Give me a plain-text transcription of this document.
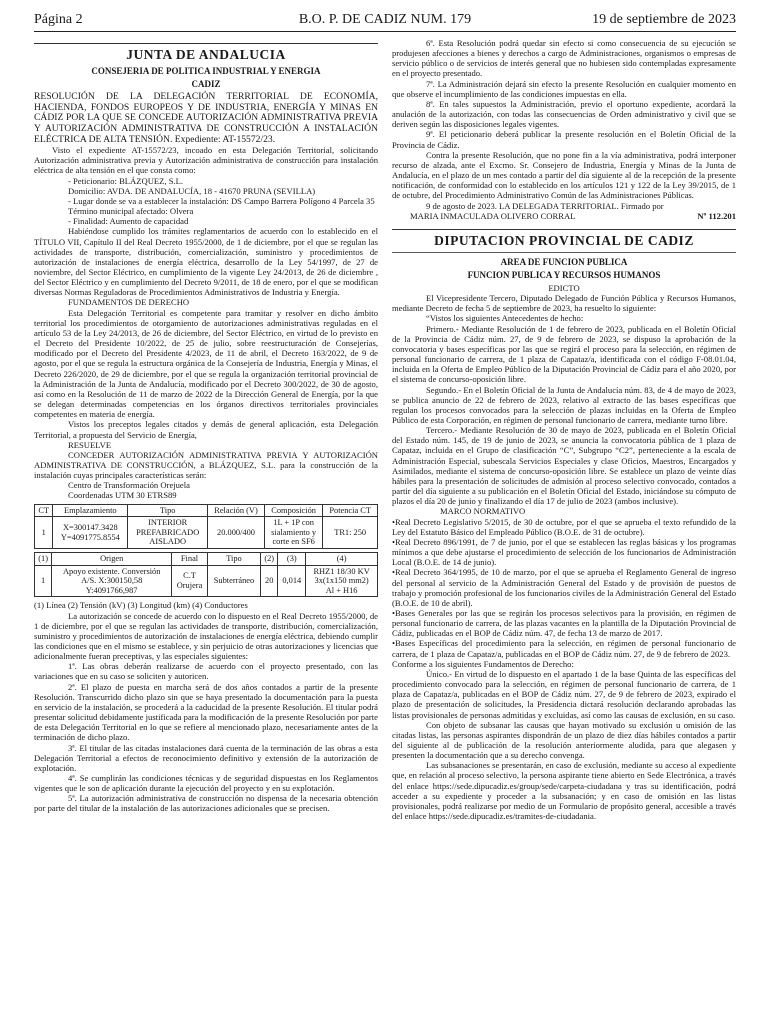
Página 2	B.O. P. DE CADIZ NUM. 179	19 de septiembre de 2023
JUNTA DE ANDALUCIA
CONSEJERIA DE POLITICA INDUSTRIAL Y ENERGIA
CADIZ

RESOLUCIÓN DE LA DELEGACIÓN TERRITORIAL DE ECONOMÍA, HACIENDA, FONDOS EUROPEOS Y DE INDUSTRIA, ENERGÍA Y MINAS EN CÁDIZ POR LA QUE SE CONCEDE AUTORIZACIÓN ADMINISTRATIVA PREVIA Y AUTORIZACIÓN ADMINISTRATIVA DE CONSTRUCCIÓN A INSTALACIÓN ELÉCTRICA DE ALTA TENSIÓN. Expediente: AT-15572/23.

Visto el expediente AT-15572/23, incoado en esta Delegación Territorial, solicitando Autorización administrativa previa y Autorización administrativa de construcción para instalación eléctrica de alta tensión en el que consta como:

- Peticionario: BLÁZQUEZ, S.L.

Domicilio: AVDA. DE ANDALUCÍA, 18 - 41670 PRUNA (SEVILLA)

- Lugar donde se va a establecer la instalación: DS Campo Barrera Polígono 4 Parcela 35

Término municipal afectado: Olvera

- Finalidad: Aumento de capacidad

Habiéndose cumplido los trámites reglamentarios de acuerdo con lo establecido en el TÍTULO VII, Capítulo II del Real Decreto 1955/2000, de 1 de diciembre, por el que se regulan las actividades de transporte, distribución, comercialización, suministro y procedimientos de autorización de instalaciones de energía eléctrica, desarrollo de la Ley 54/1997, de 27 de noviembre, del Sector Eléctrico, en cumplimiento de la vigente Ley 24/2013, de 26 de diciembre , del Sector Eléctrico y en cumplimiento del Decreto 9/2011, de 18 de enero, por el que se modifican diversas Normas Reguladoras de Procedimientos Administrativos de Industria y Energía.

FUNDAMENTOS DE DERECHO

Esta Delegación Territorial es competente para tramitar y resolver en dicho ámbito territorial los procedimientos de otorgamiento de autorizaciones administrativas reguladas en el artículo 53 de la Ley 24/2013, de 26 de diciembre, del Sector Eléctrico, en virtud de lo previsto en el Decreto del Presidente 10/2022, de 25 de julio, sobre reestructuración de Consejerías, modificado por el Decreto del Presidente 4/2023, de 11 de abril, el Decreto 163/2022, de 9 de agosto, por el que se regula la estructura orgánica de la Consejería de Industria, Energía y Minas, el Decreto 226/2020, de 29 de diciembre, por el que se regula la organización territorial provincial de la Administración de la Junta de Andalucía, modificado por el Decreto 300/2022, de 30 de agosto, así como en la Resolución de 11 de marzo de 2022 de la Dirección General de Energía, por la que se delegan determinadas competencias en los órganos directivos territoriales provinciales competentes en materia de energía.

Vistos los preceptos legales citados y demás de general aplicación, esta Delegación Territorial, a propuesta del Servicio de Energía,

RESUELVE

CONCEDER AUTORIZACIÓN ADMINISTRATIVA PREVIA Y AUTORIZACIÓN ADMINISTRATIVA DE CONSTRUCCIÓN, a BLÁZQUEZ, S.L. para la construcción de la instalación cuyas principales características serán:

Centro de Transformación Orejuela

Coordenadas UTM 30 ETRS89

CT	Emplazamiento	Tipo	Relación (V)	Composición	Potencia CT
1	X=300147.3428
Y=4091775.8554	INTERIOR
PREFABRICADO
AISLADO	20.000/400	1L + 1P con
sialamiento y
corte en SF6	TR1: 250
(1)	Origen	Final	Tipo	(2)	(3)	(4)
1	Apoyo existente. Conversión
A/S. X:300150,58
Y:4091766,987	C.T
Orujera	Subterráneo	20	0,014	RHZ1 18/30 KV
3x(1x150 mm2)
Al + H16

(1) Línea (2) Tensión (kV) (3) Longitud (km) (4) Conductores

La autorización se concede de acuerdo con lo dispuesto en el Real Decreto 1955/2000, de 1 de diciembre, por el que se regulan las actividades de transporte, distribución, comercialización, suministro y procedimientos de autorización de instalaciones de energía eléctrica, debiendo cumplir las condiciones que en el mismo se establece, y sin perjuicio de otras autorizaciones y licencias que adicionalmente fueran preceptivas, y las especiales siguientes:

1ª. Las obras deberán realizarse de acuerdo con el proyecto presentado, con las variaciones que en su caso se soliciten y autoricen.

2ª. El plazo de puesta en marcha será de dos años contados a partir de la presente Resolución. Transcurrido dicho plazo sin que se haya presentado la documentación para la puesta en servicio de la instalación, se procederá a la caducidad de la presente Resolución. El titular podrá presentar solicitud debidamente justificada para la modificación de la presente Resolución por parte de esta Delegación Territorial en lo que se refiere al mencionado plazo, necesariamente antes de la terminación de dicho plazo.

3ª. El titular de las citadas instalaciones dará cuenta de la terminación de las obras a esta Delegación Territorial a efectos de reconocimiento definitivo y extensión de la autorización de explotación.

4ª. Se cumplirán las condiciones técnicas y de seguridad dispuestas en los Reglamentos vigentes que le son de aplicación durante la ejecución del proyecto y en su explotación.

5ª. La autorización administrativa de construcción no dispensa de la necesaria obtención por parte del titular de la instalación de las autorizaciones adicionales que se precisen.

6ª. Esta Resolución podrá quedar sin efecto si como consecuencia de su ejecución se produjesen afecciones a bienes y derechos a cargo de Administraciones, organismos o empresas de servicio público o de servicios de interés general que no hubiesen sido contempladas expresamente en el proyecto presentado.

7ª. La Administración dejará sin efecto la presente Resolución en cualquier momento en que observe el incumplimiento de las condiciones impuestas en ella.

8ª. En tales supuestos la Administración, previo el oportuno expediente, acordará la anulación de la autorización, con todas las consecuencias de Orden administrativo y civil que se deriven según las disposiciones legales vigentes.

9ª. El peticionario deberá publicar la presente resolución en el Boletín Oficial de la Provincia de Cádiz.

Contra la presente Resolución, que no pone fin a la vía administrativa, podrá interponer recurso de alzada, ante el Excmo. Sr. Consejero de Industria, Energía y Minas de la Junta de Andalucía, en el plazo de un mes contado a partir del día siguiente al de la recepción de la presente notificación, de conformidad con lo establecido en los artículos 121 y 122 de la Ley 39/2015, de 1 de octubre, del Procedimiento Administrativo Común de las Administraciones Públicas.

9 de agosto de 2023. LA DELEGADA TERRITORIAL. Firmado por

MARIA INMACULADA OLIVERO CORRAL	Nº 112.201

DIPUTACION PROVINCIAL DE CADIZ
AREA DE FUNCION PUBLICA
FUNCION PUBLICA Y RECURSOS HUMANOS

EDICTO

El Vicepresidente Tercero, Diputado Delegado de Función Pública y Recursos Humanos, mediante Decreto de fecha 5 de septiembre de 2023, ha resuelto lo siguiente:

“Vistos los siguientes Antecedentes de hecho:

Primero.- Mediante Resolución de 1 de febrero de 2023, publicada en el Boletín Oficial de la Provincia de Cádiz núm. 27, de 9 de febrero de 2023, se dispuso la aprobación de la convocatoria y bases específicas por las que se regirá el proceso para la selección, en régimen de personal funcionario de carrera, de 1 plaza de Capataz/a, identificada con el código F-08.01.04, incluida en la Oferta de Empleo Público de la Diputación Provincial de Cádiz para el año 2020, por el sistema de concurso-oposición libre.

Segundo.- En el Boletín Oficial de la Junta de Andalucía núm. 83, de 4 de mayo de 2023, se publica anuncio de 22 de febrero de 2023, relativo al extracto de las bases específicas que regulan los procesos convocados para la selección de plazas incluidas en la Oferta de Empleo Público de esta Corporación, en régimen de personal funcionario de carrera, mediante turno libre.

Tercero.- Mediante Resolución de 30 de mayo de 2023, publicada en el Boletín Oficial del Estado núm. 145, de 19 de junio de 2023, se anuncia la convocatoria pública de 1 plaza de Capataz, incluida en el Grupo de clasificación “C”, Subgrupo “C2”, perteneciente a la escala de Administración Especial, subescala Servicios Especiales y clase Oficios, Maestros, Encargados y Asimilados, mediante el sistema de concurso-oposición libre. Se establece un plazo de veinte días hábiles para la presentación de solicitudes de admisión al proceso selectivo convocado, contados a partir del día siguiente a su publicación en el Boletín Oficial del Estado, iniciándose su cómputo de plazos el día 20 de junio y finalizando el día 17 de julio de 2023 (ambos inclusive).

MARCO NORMATIVO

• Real Decreto Legislativo 5/2015, de 30 de octubre, por el que se aprueba el texto refundido de la Ley del Estatuto Básico del Empleado Público (B.O.E. de 31 de octubre).

• Real Decreto 896/1991, de 7 de junio, por el que se establecen las reglas básicas y los programas mínimos a que debe ajustarse el procedimiento de selección de los funcionarios de Administración Local (B.O.E. de 14 de junio).

• Real Decreto 364/1995, de 10 de marzo, por el que se aprueba el Reglamento General de ingreso del personal al servicio de la Administración General del Estado y de provisión de puestos de trabajo y promoción profesional de los funcionarios civiles de la Administración General del Estado (B.O.E. de 10 de abril).

• Bases Generales por las que se regirán los procesos selectivos para la provisión, en régimen de personal funcionario de carrera, de las plazas vacantes en la plantilla de la Diputación Provincial de Cádiz, publicadas en el BOP de Cádiz núm. 47, de fecha 13 de marzo de 2017.

• Bases Específicas del procedimiento para la selección, en régimen de personal funcionario de carrera, de 1 plaza de Capataz/a, publicadas en el BOP de Cádiz núm. 27, de 9 de febrero de 2023.

Conforme a los siguientes Fundamentos de Derecho:

Único.- En virtud de lo dispuesto en el apartado 1 de la base Quinta de las específicas del procedimiento convocado para la selección, en régimen de personal funcionario de carrera, de 1 plaza de Capataz/a, publicadas en el BOP de Cádiz núm. 27, de 9 de febrero de 2023, expirado el plazo de presentación de solicitudes, la Presidencia dictará resolución declarando aprobadas las listas provisionales de personas admitidas y excluidas, así como las causas de exclusión, en su caso.

Con objeto de subsanar las causas que hayan motivado su exclusión u omisión de las citadas listas, las personas aspirantes dispondrán de un plazo de diez días hábiles contados a partir del siguiente al de publicación de la resolución anteriormente aludida, para que alegasen y presenten la documentación que a su derecho convenga.

Las subsanaciones se presentarán, en caso de exclusión, mediante su acceso al expediente que, en relación al proceso selectivo, la persona aspirante tiene abierto en Sede Electrónica, a través del enlace https://sede.dipucadiz.es/group/sede/carpeta-ciudadana y tras su identificación, podrá acceder a su expediente y proceder a la subsanación; y en caso de omisión en las listas provisionales, podrá realizarse por medio de un Formulario de propósito general, accesible a través del enlace https://sede.dipucadiz.es/tramites-de-ciudadania.
